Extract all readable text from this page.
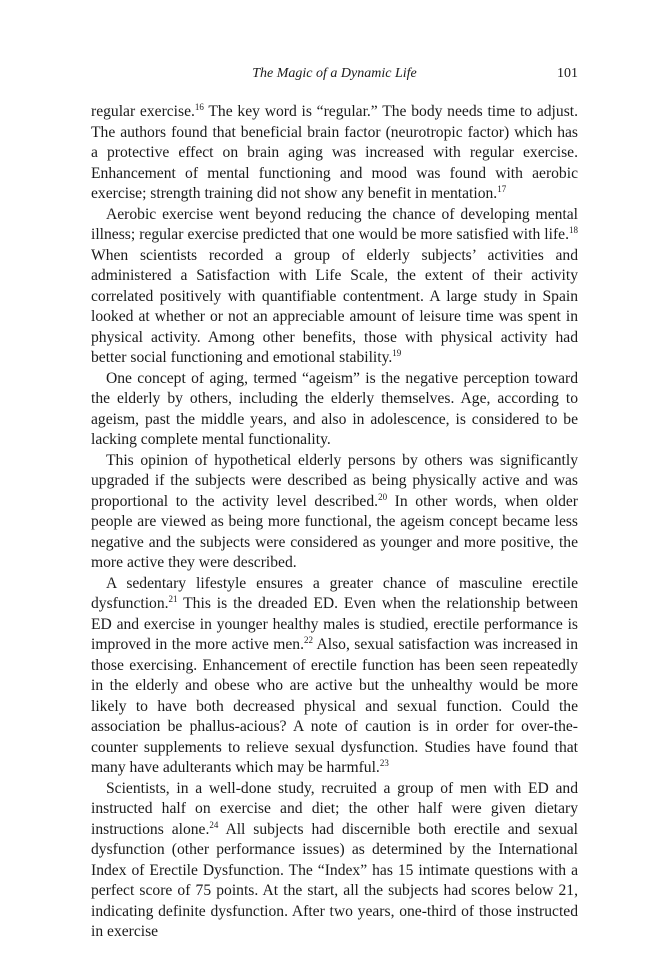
The Magic of a Dynamic Life	101

regular exercise.$^{16}$ The key word is “regular.” The body needs time to adjust. The authors found that beneficial brain factor (neurotropic factor) which has a protective effect on brain aging was increased with regular exercise. Enhancement of mental functioning and mood was found with aerobic exercise; strength training did not show any benefit in mentation.$^{17}$

Aerobic exercise went beyond reducing the chance of developing mental illness; regular exercise predicted that one would be more satisfied with life.$^{18}$ When scientists recorded a group of elderly subjects’ activities and administered a Satisfaction with Life Scale, the extent of their activity correlated positively with quantifiable contentment. A large study in Spain looked at whether or not an appreciable amount of leisure time was spent in physical activity. Among other benefits, those with physical activity had better social functioning and emotional stability.$^{19}$

One concept of aging, termed “ageism” is the negative perception toward the elderly by others, including the elderly themselves. Age, according to ageism, past the middle years, and also in adolescence, is considered to be lacking complete mental functionality.

This opinion of hypothetical elderly persons by others was significantly upgraded if the subjects were described as being physically active and was proportional to the activity level described.$^{20}$ In other words, when older people are viewed as being more functional, the ageism concept became less negative and the subjects were considered as younger and more positive, the more active they were described.

A sedentary lifestyle ensures a greater chance of masculine erectile dysfunction.$^{21}$ This is the dreaded ED. Even when the relationship between ED and exercise in younger healthy males is studied, erectile performance is improved in the more active men.$^{22}$ Also, sexual satisfaction was increased in those exercising. Enhancement of erectile function has been seen repeatedly in the elderly and obese who are active but the unhealthy would be more likely to have both decreased physical and sexual function. Could the association be phallus-acious? A note of caution is in order for over-the-counter supplements to relieve sexual dysfunction. Studies have found that many have adulterants which may be harmful.$^{23}$

Scientists, in a well-done study, recruited a group of men with ED and instructed half on exercise and diet; the other half were given dietary instructions alone.$^{24}$ All subjects had discernible both erectile and sexual dysfunction (other performance issues) as determined by the International Index of Erectile Dysfunction. The “Index” has 15 intimate questions with a perfect score of 75 points. At the start, all the subjects had scores below 21, indicating definite dysfunction. After two years, one-third of those instructed in exercise
